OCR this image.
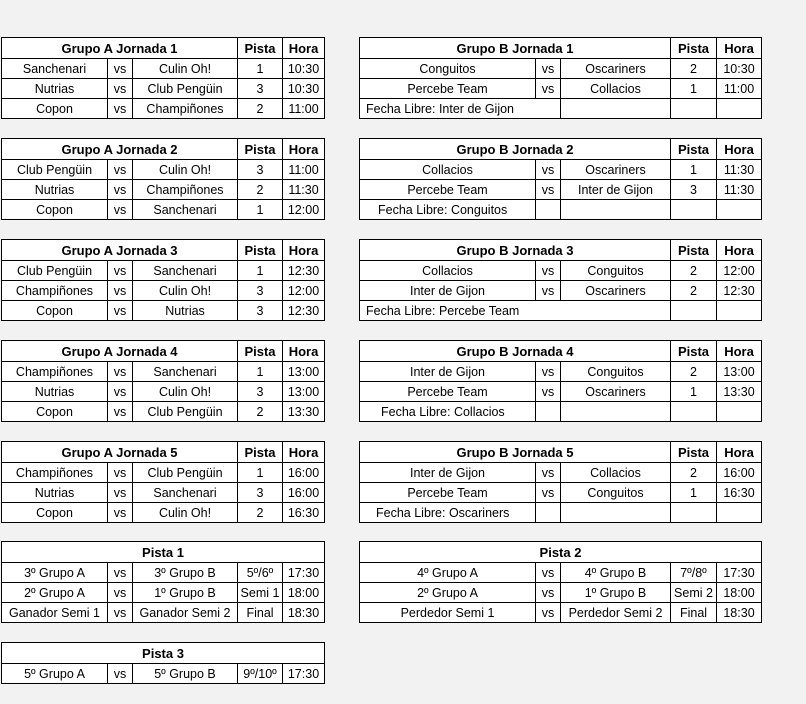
Grupo A Jornada 1	Pista	Hora
Sanchenari	vs	Culin Oh!	1	10:30
Nutrias	vs	Club Pengüin	3	10:30
Copon	vs	Champiñones	2	11:00
Grupo A Jornada 2	Pista	Hora
Club Pengüin	vs	Culin Oh!	3	11:00
Nutrias	vs	Champiñones	2	11:30
Copon	vs	Sanchenari	1	12:00
Grupo A Jornada 3	Pista	Hora
Club Pengüin	vs	Sanchenari	1	12:30
Champiñones	vs	Culin Oh!	3	12:00
Copon	vs	Nutrias	3	12:30
Grupo A Jornada 4	Pista	Hora
Champiñones	vs	Sanchenari	1	13:00
Nutrias	vs	Culin Oh!	3	13:00
Copon	vs	Club Pengüin	2	13:30
Grupo A Jornada 5	Pista	Hora
Champiñones	vs	Club Pengüin	1	16:00
Nutrias	vs	Sanchenari	3	16:00
Copon	vs	Culin Oh!	2	16:30
Grupo B Jornada 1	Pista	Hora
Conguitos	vs	Oscariners	2	10:30
Percebe Team	vs	Collacios	1	11:00
Fecha Libre: Inter de Gijon
Grupo B Jornada 2	Pista	Hora
Collacios	vs	Oscariners	1	11:30
Percebe Team	vs	Inter de Gijon	3	11:30
Fecha Libre: Conguitos
Grupo B Jornada 3	Pista	Hora
Collacios	vs	Conguitos	2	12:00
Inter de Gijon	vs	Oscariners	2	12:30
Fecha Libre: Percebe Team
Grupo B Jornada 4	Pista	Hora
Inter de Gijon	vs	Conguitos	2	13:00
Percebe Team	vs	Oscariners	1	13:30
Fecha Libre: Collacios
Grupo B Jornada 5	Pista	Hora
Inter de Gijon	vs	Collacios	2	16:00
Percebe Team	vs	Conguitos	1	16:30
Fecha Libre: Oscariners
Pista 1
3º Grupo A	vs	3º Grupo B	5º/6º	17:30
2º Grupo A	vs	1º Grupo B	Semi 1 18:00
Ganador Semi 1	vs	Ganador Semi 2	Final	18:30
Pista 2
4º Grupo A	vs	4º Grupo B	7º/8º	17:30
2º Grupo A	vs	1º Grupo B	Semi 2 18:00
Perdedor Semi 1	vs	Perdedor Semi 2	Final	18:30
Pista 3
5º Grupo A	vs	5º Grupo B	9º/10º 17:30
